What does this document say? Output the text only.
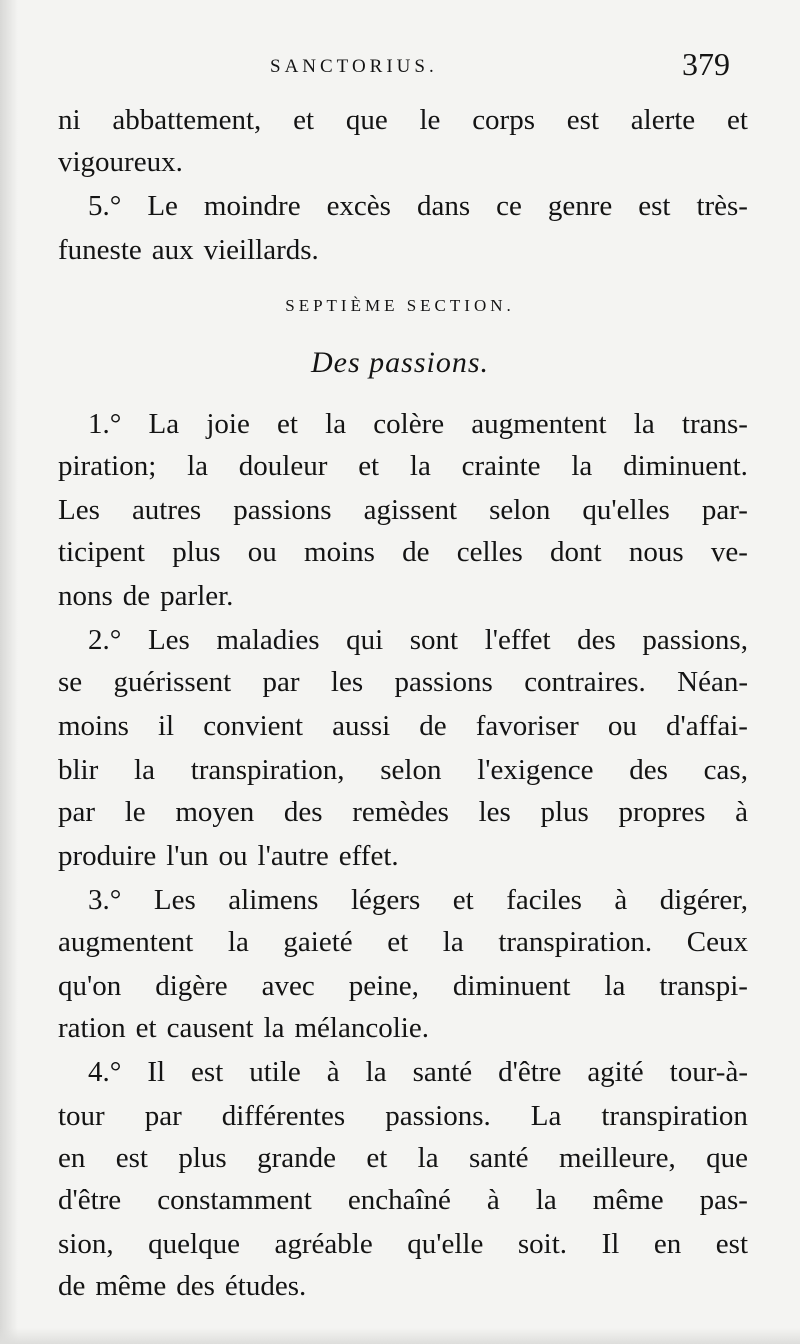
SANCTORIUS.	379
ni abbattement, et que le corps est alerte et
vigoureux.
5.° Le moindre excès dans ce genre est très-
funeste aux vieillards.
1.° La joie et la colère augmentent la trans-
piration; la douleur et la crainte la diminuent.
Les autres passions agissent selon qu'elles par-
ticipent plus ou moins de celles dont nous ve-
nons de parler.
2.° Les maladies qui sont l'effet des passions,
se guérissent par les passions contraires. Néan-
moins il convient aussi de favoriser ou d'affai-
blir la transpiration, selon l'exigence des cas,
par le moyen des remèdes les plus propres à
produire l'un ou l'autre effet.
3.° Les alimens légers et faciles à digérer,
augmentent la gaieté et la transpiration. Ceux
qu'on digère avec peine, diminuent la transpi-
ration et causent la mélancolie.
4.° Il est utile à la santé d'être agité tour-à-
tour par différentes passions. La transpiration
en est plus grande et la santé meilleure, que
d'être constamment enchaîné à la même pas-
sion, quelque agréable qu'elle soit. Il en est
de même des études.
SEPTIÈME SECTION.
Des passions.
